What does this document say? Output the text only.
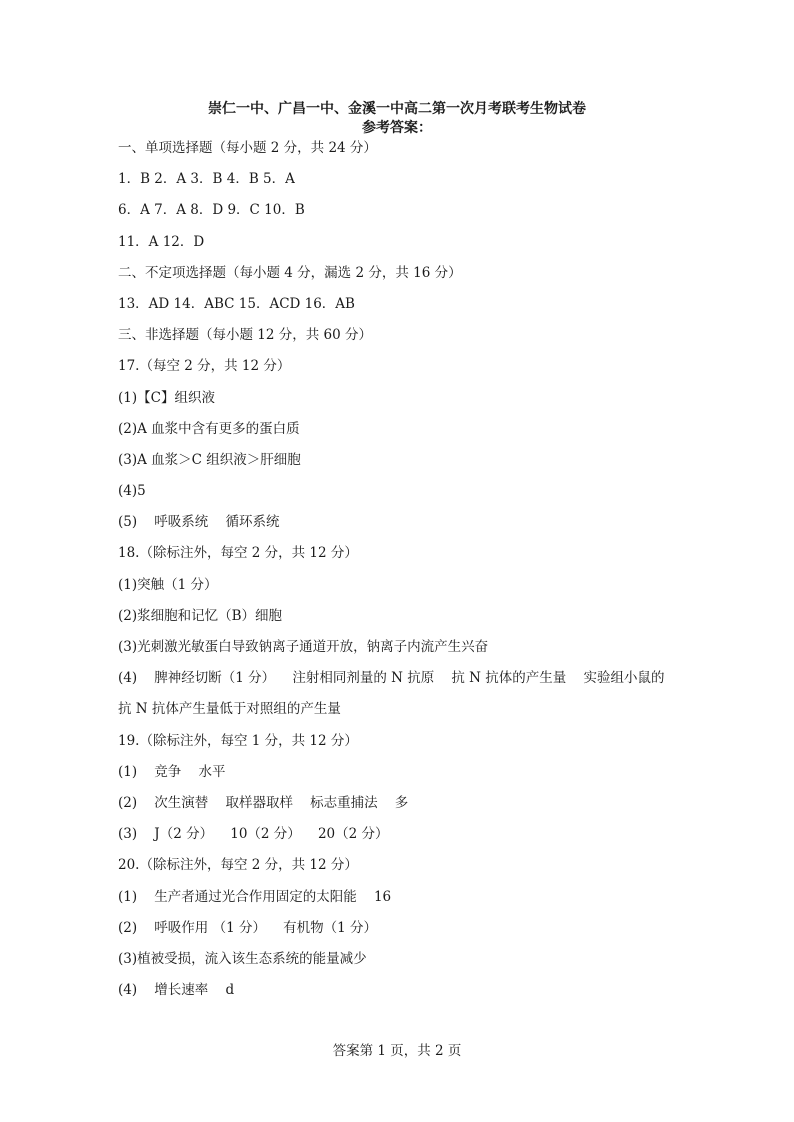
崇仁一中、广昌一中、金溪一中高二第一次月考联考生物试卷
参考答案：
一、单项选择题（每小题 2 分，共 24 分）
1．B 2．A 3．B 4．B 5．A
6．A 7．A 8．D 9．C 10．B
11．A 12．D
二、不定项选择题（每小题 4 分，漏选 2 分，共 16 分）
13．AD 14．ABC 15．ACD 16．AB
三、非选择题（每小题 12 分，共 60 分）
17.（每空 2 分，共 12 分）
(1)【C】组织液
(2)A 血浆中含有更多的蛋白质
(3)A 血浆＞C 组织液＞肝细胞
(4)5
(5)    呼吸系统    循环系统
18.（除标注外，每空 2 分，共 12 分）
(1)突触（1 分）
(2)浆细胞和记忆（B）细胞
(3)光刺激光敏蛋白导致钠离子通道开放，钠离子内流产生兴奋
(4)    脾神经切断（1 分）    注射相同剂量的 N 抗原    抗 N 抗体的产生量    实验组小鼠的
抗 N 抗体产生量低于对照组的产生量
19.（除标注外，每空 1 分，共 12 分）
(1)    竞争    水平
(2)    次生演替    取样器取样    标志重捕法    多
(3)    J（2 分）    10（2 分）    20（2 分）
20.（除标注外，每空 2 分，共 12 分）
(1)    生产者通过光合作用固定的太阳能    16
(2)    呼吸作用 （1 分）    有机物（1 分）
(3)植被受损，流入该生态系统的能量减少
(4)    增长速率    d
答案第 1 页，共 2 页
